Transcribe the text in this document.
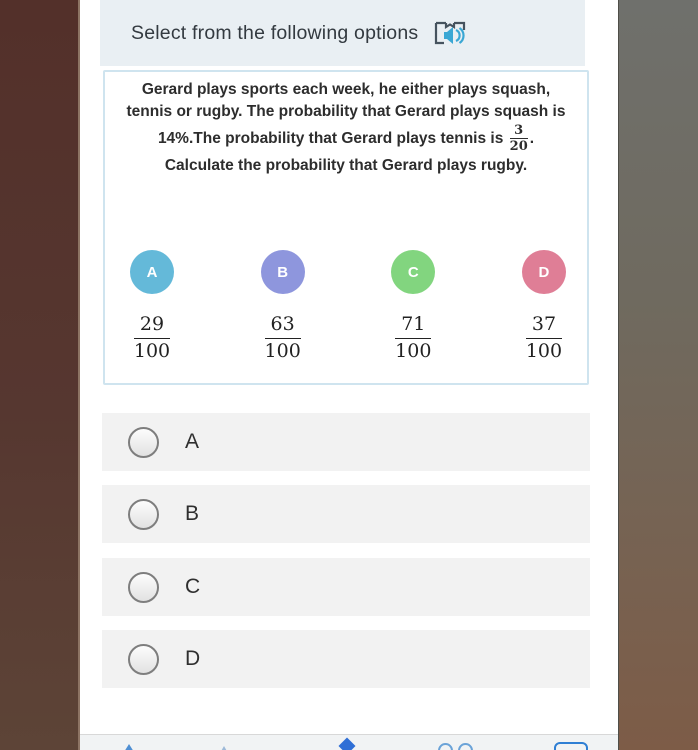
Select from the following options
Gerard plays sports each week, he either plays squash, tennis or rugby. The probability that Gerard plays squash is 14%.The probability that Gerard plays tennis is $\frac{3}{20}$ .
Calculate the probability that Gerard plays rugby.
A
$\frac{29}{100}$
B
$\frac{63}{100}$
C
$\frac{71}{100}$
D
$\frac{37}{100}$
A
B
C
D
